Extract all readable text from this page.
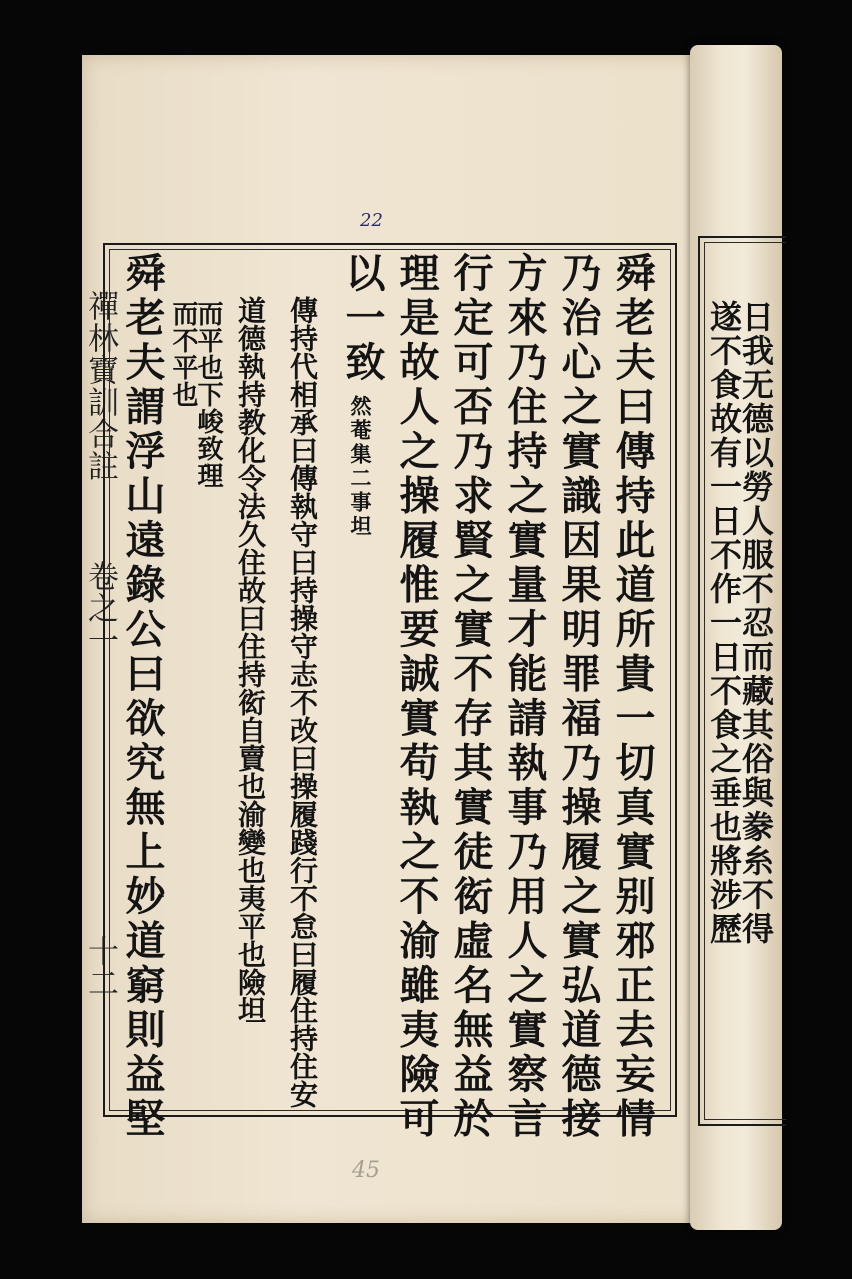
22
45
禪林寶訓合註
卷之一
十二	舜老夫曰傳持此道所貴一切真實别邪正去妄情
乃治心之實識因果明罪福乃操履之實弘道德接
方來乃住持之實量才能請執事乃用人之實察言
行定可否乃求賢之實不存其實徒衒虛名無益於
理是故人之操履惟要誠實苟執之不渝雖夷險可
以一致
然菴集二事坦
傳持代相承曰傳執守曰持操守志不改曰操履踐行不怠曰履住持住安
道德執持教化令法久住故曰住持衒自賣也渝變也夷平也險坦
而平也下峻致理
而不平也
舜老夫謂浮山遠錄公曰欲究無上妙道窮則益堅	日我无德以勞人服不忍而藏其俗與豢糸不得
遂不食故有一日不作一日不食之垂也將涉歷
